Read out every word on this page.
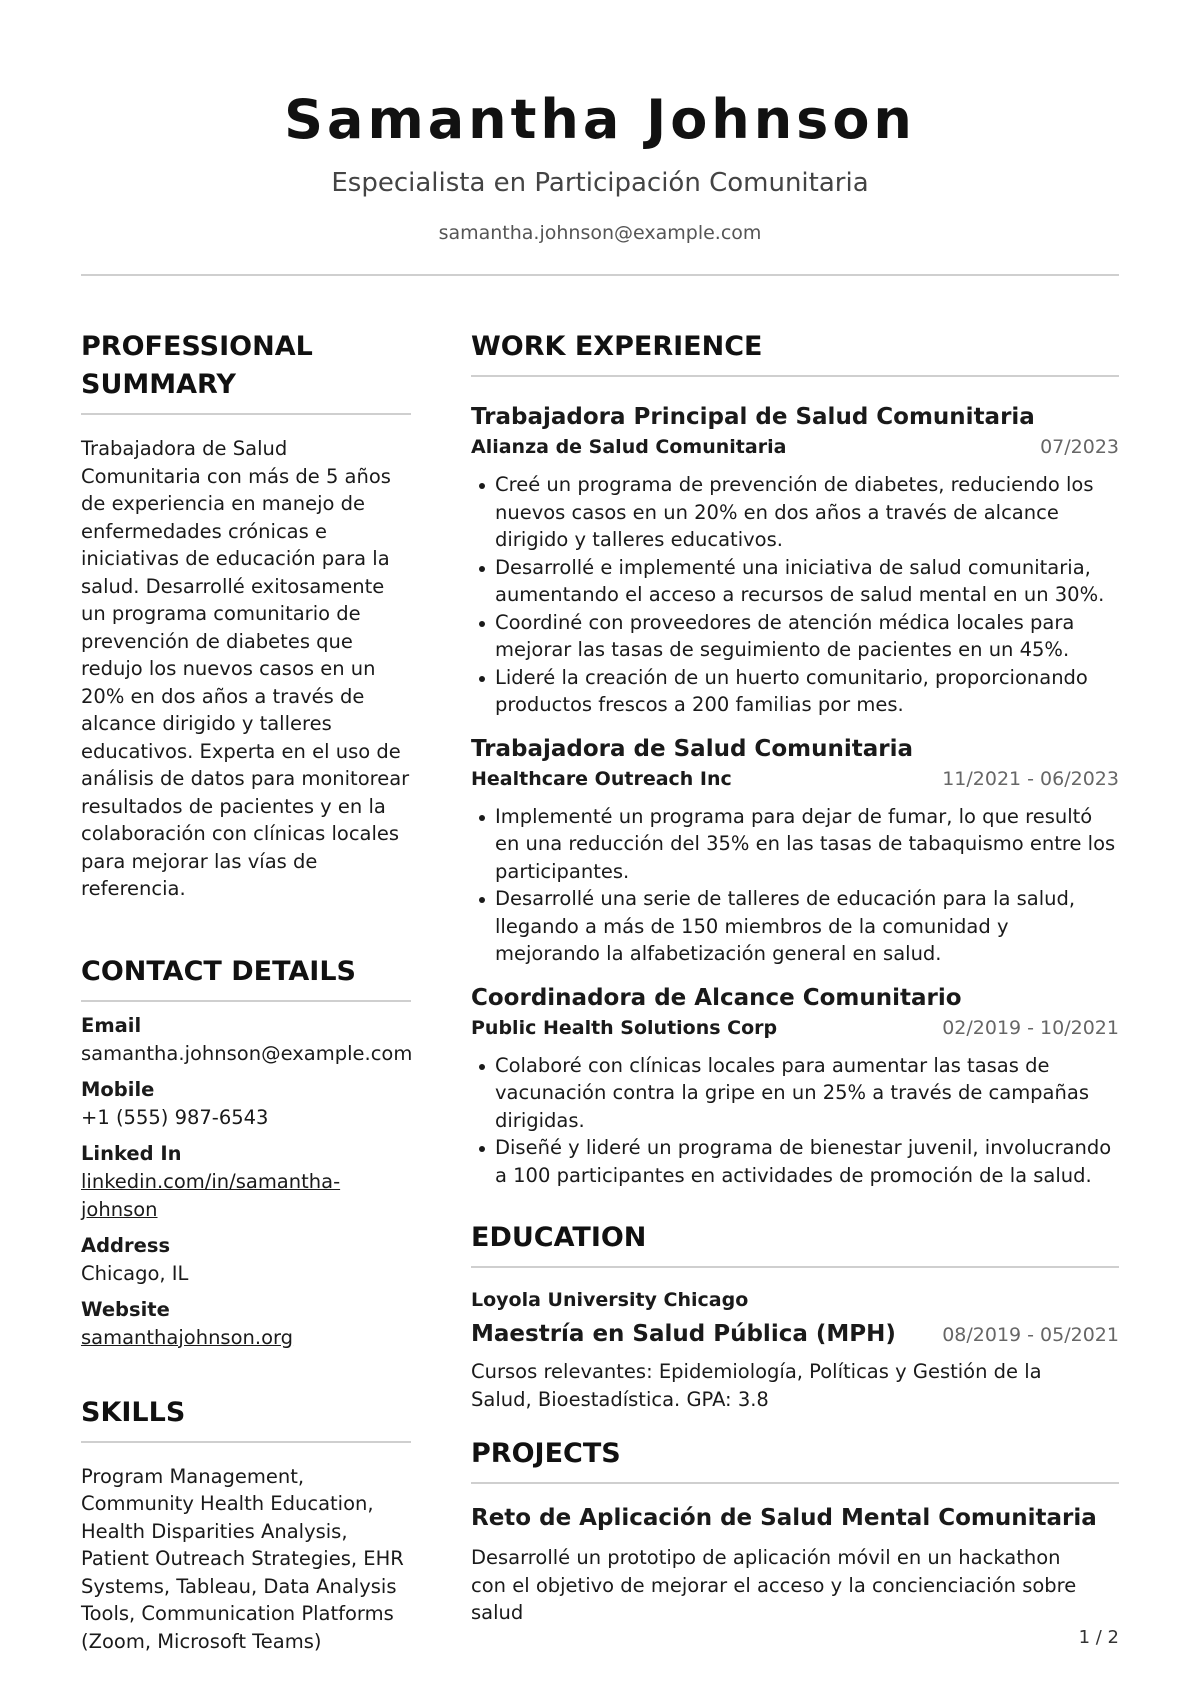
Samantha Johnson
Especialista en Participación Comunitaria
samantha.johnson@example.com
PROFESSIONAL SUMMARY
Trabajadora de Salud Comunitaria con más de 5 años de experiencia en manejo de enfermedades crónicas e iniciativas de educación para la salud. Desarrollé exitosamente un programa comunitario de prevención de diabetes que redujo los nuevos casos en un 20% en dos años a través de alcance dirigido y talleres educativos. Experta en el uso de análisis de datos para monitorear resultados de pacientes y en la colaboración con clínicas locales para mejorar las vías de referencia.
CONTACT DETAILS
Email
samantha.johnson@example.com
Mobile
+1 (555) 987-6543
Linked In
linkedin.com/in/samantha-johnson
Address
Chicago, IL
Website
samanthajohnson.org
SKILLS
Program Management, Community Health Education, Health Disparities Analysis, Patient Outreach Strategies, EHR Systems, Tableau, Data Analysis Tools, Communication Platforms (Zoom, Microsoft Teams)
WORK EXPERIENCE
Trabajadora Principal de Salud Comunitaria
Alianza de Salud Comunitaria	07/2023
Creé un programa de prevención de diabetes, reduciendo los nuevos casos en un 20% en dos años a través de alcance dirigido y talleres educativos.
Desarrollé e implementé una iniciativa de salud comunitaria, aumentando el acceso a recursos de salud mental en un 30%.
Coordiné con proveedores de atención médica locales para mejorar las tasas de seguimiento de pacientes en un 45%.
Lideré la creación de un huerto comunitario, proporcionando productos frescos a 200 familias por mes.
Trabajadora de Salud Comunitaria
Healthcare Outreach Inc	11/2021 - 06/2023
Implementé un programa para dejar de fumar, lo que resultó en una reducción del 35% en las tasas de tabaquismo entre los participantes.
Desarrollé una serie de talleres de educación para la salud, llegando a más de 150 miembros de la comunidad y mejorando la alfabetización general en salud.
Coordinadora de Alcance Comunitario
Public Health Solutions Corp	02/2019 - 10/2021
Colaboré con clínicas locales para aumentar las tasas de vacunación contra la gripe en un 25% a través de campañas dirigidas.
Diseñé y lideré un programa de bienestar juvenil, involucrando a 100 participantes en actividades de promoción de la salud.
EDUCATION
Loyola University Chicago
Maestría en Salud Pública (MPH) 08/2019 - 05/2021
Cursos relevantes: Epidemiología, Políticas y Gestión de la Salud, Bioestadística. GPA: 3.8
PROJECTS
Reto de Aplicación de Salud Mental Comunitaria
Desarrollé un prototipo de aplicación móvil en un hackathon con el objetivo de mejorar el acceso y la concienciación sobre salud
1 / 2
